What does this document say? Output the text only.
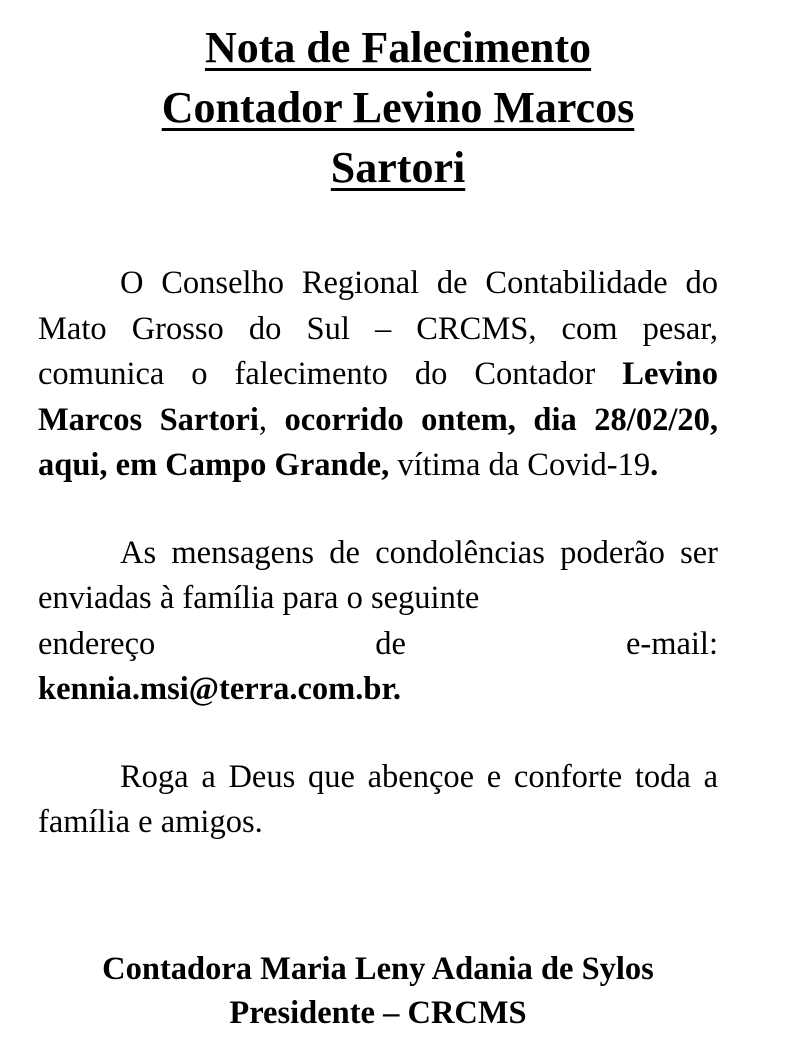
Nota de Falecimento
Contador Levino Marcos
Sartori

O Conselho Regional de Contabilidade do Mato Grosso do Sul – CRCMS, com pesar, comunica o falecimento do Contador Levino Marcos Sartori, ocorrido ontem, dia 28/02/20, aqui, em Campo Grande, vítima da Covid-19.

As mensagens de condolências poderão ser enviadas à família para o seguinte
endereço de e-mail:
kennia.msi@terra.com.br.

Roga a Deus que abençoe e conforte toda a família e amigos.

Contadora Maria Leny Adania de Sylos
Presidente – CRCMS
